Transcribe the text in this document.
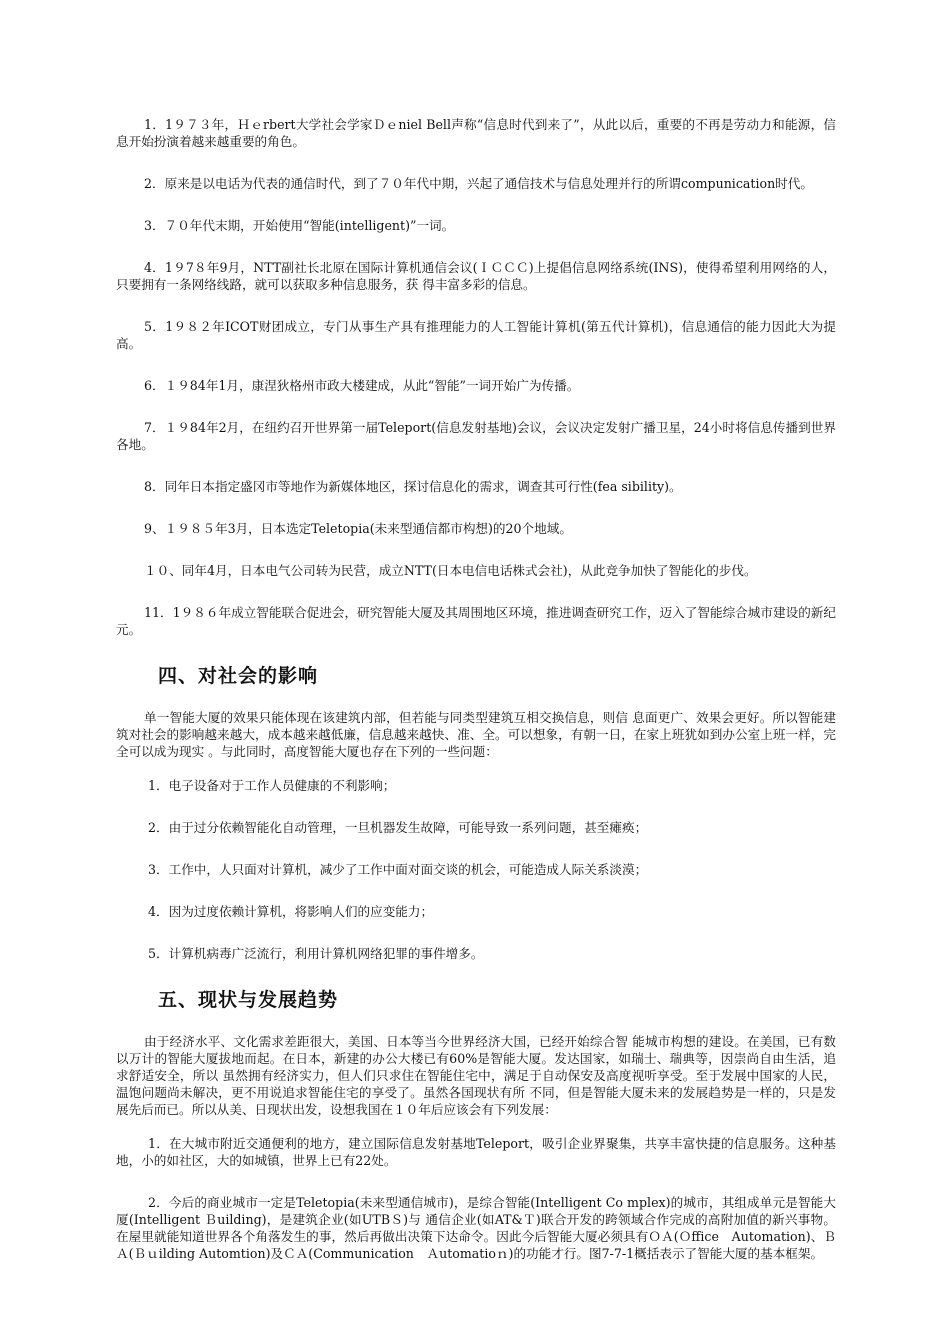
1．1９７３年，Ｈｅrbert大学社会学家Ｄｅniel Bell声称“信息时代到来了”，从此以后，重要的不再是劳动力和能源，信息开始扮演着越来越重要的角色。

2．原来是以电话为代表的通信时代，到了７０年代中期，兴起了通信技术与信息处理并行的所谓compunication时代。

3．７０年代末期，开始使用“智能(intelligent)”一词。

4．1９7８年9月，NTT副社长北原在国际计算机通信会议(ＩＣＣＣ)上提倡信息网络系统(INS)，使得希望利用网络的人，只要拥有一条网络线路，就可以获取多种信息服务，获 得丰富多彩的信息。

5．1９８２年ICOT财团成立，专门从事生产具有推理能力的人工智能计算机(第五代计算机)，信息通信的能力因此大为提高。

6．１９84年1月，康涅狄格州市政大楼建成，从此“智能”一词开始广为传播。

7．１９84年2月，在纽约召开世界第一届Teleport(信息发射基地)会议，会议决定发射广播卫星，24小时将信息传播到世界各地。

8．同年日本指定盛冈市等地作为新媒体地区，探讨信息化的需求，调查其可行性(fea sibility)。

9、１９８５年3月，日本选定Teletopia(未来型通信都市构想)的20个地域。

１０、同年4月，日本电气公司转为民营，成立NTT(日本电信电话株式会社)，从此竞争加快了智能化的步伐。

11．1９８６年成立智能联合促进会，研究智能大厦及其周围地区环境，推进调查研究工作，迈入了智能综合城市建设的新纪元。

四、对社会的影响

单一智能大厦的效果只能体现在该建筑内部，但若能与同类型建筑互相交换信息，则信 息面更广、效果会更好。所以智能建筑对社会的影响越来越大，成本越来越低廉，信息越来越快、准、全。可以想象，有朝一日，在家上班犹如到办公室上班一样，完全可以成为现实 。与此同时，高度智能大厦也存在下列的一些问题：

1．电子设备对于工作人员健康的不利影响；

2．由于过分依赖智能化自动管理，一旦机器发生故障，可能导致一系列问题，甚至瘫痪；

3．工作中，人只面对计算机，减少了工作中面对面交谈的机会，可能造成人际关系淡漠；

4．因为过度依赖计算机，将影响人们的应变能力；

5．计算机病毒广泛流行，利用计算机网络犯罪的事件增多。

五、现状与发展趋势

由于经济水平、文化需求差距很大，美国、日本等当今世界经济大国，已经开始综合智 能城市构想的建设。在美国，已有数以万计的智能大厦拔地而起。在日本，新建的办公大楼已有60%是智能大厦。发达国家，如瑞士、瑞典等，因崇尚自由生活，追求舒适安全，所以 虽然拥有经济实力，但人们只求住在智能住宅中，满足于自动保安及高度视听享受。至于发展中国家的人民，温饱问题尚未解决，更不用说追求智能住宅的享受了。虽然各国现状有所 不同，但是智能大厦未来的发展趋势是一样的，只是发展先后而已。所以从美、日现状出发，设想我国在１０年后应该会有下列发展：

1．在大城市附近交通便利的地方，建立国际信息发射基地Teleport，吸引企业界聚集，共享丰富快捷的信息服务。这种基地，小的如社区，大的如城镇，世界上已有22处。

2．今后的商业城市一定是Teletopia(未来型通信城市)，是综合智能(Intelligent Co mplex)的城市，其组成单元是智能大厦(Intelligent Ｂuilding)，是建筑企业(如UTBＳ)与 通信企业(如AT&Ｔ)联合开发的跨领域合作完成的高附加值的新兴事物。在屋里就能知道世界各个角落发生的事，然后再做出决策下达命令。因此今后智能大厦必须具有ＯＡ(Ｏffice　Automation)、ＢＡ(Ｂｕilding Automtion)及ＣＡ(Communication　Ａutomatioｎ)的功能才行。图7-7-1概括表示了智能大厦的基本框架。
